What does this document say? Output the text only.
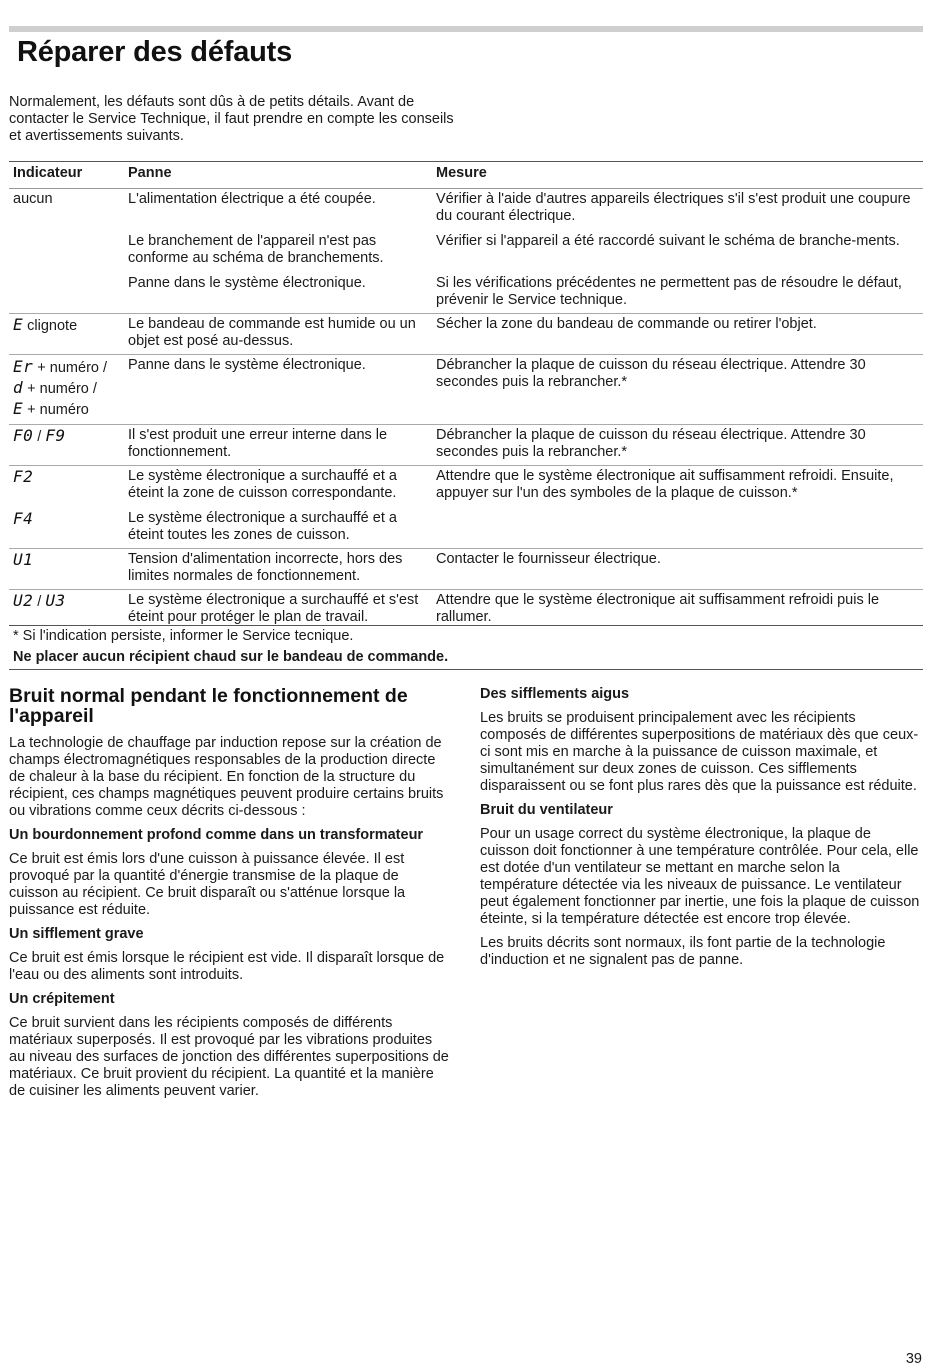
Réparer des défauts

Normalement, les défauts sont dûs à de petits détails. Avant de contacter le Service Technique, il faut prendre en compte les conseils et avertissements suivants.

Indicateur	Panne	Mesure
aucun	L'alimentation électrique a été coupée.	Vérifier à l'aide d'autres appareils électriques s'il s'est produit une coupure du courant électrique.
	Le branchement de l'appareil n'est pas conforme au schéma de branchements.	Vérifier si l'appareil a été raccordé suivant le schéma de branche-ments.
	Panne dans le système électronique.	Si les vérifications précédentes ne permettent pas de résoudre le défaut, prévenir le Service technique.
E clignote	Le bandeau de commande est humide ou un objet est posé au-dessus.	Sécher la zone du bandeau de commande ou retirer l'objet.
Er + numéro /
d + numéro /
E + numéro	Panne dans le système électronique.	Débrancher la plaque de cuisson du réseau électrique. Attendre 30 secondes puis la rebrancher.*
F0 / F9	Il s'est produit une erreur interne dans le fonctionnement.	Débrancher la plaque de cuisson du réseau électrique. Attendre 30 secondes puis la rebrancher.*
F2	Le système électronique a surchauffé et a éteint la zone de cuisson correspondante.	Attendre que le système électronique ait suffisamment refroidi. Ensuite, appuyer sur l'un des symboles de la plaque de cuisson.*
F4	Le système électronique a surchauffé et a éteint toutes les zones de cuisson.	
U1	Tension d'alimentation incorrecte, hors des limites normales de fonctionnement.	Contacter le fournisseur électrique.
U2 / U3	Le système électronique a surchauffé et s'est éteint pour protéger le plan de travail.	Attendre que le système électronique ait suffisamment refroidi puis le rallumer.
* Si l'indication persiste, informer le Service tecnique.
Ne placer aucun récipient chaud sur le bandeau de commande.
Bruit normal pendant le fonctionnement de l'appareil

La technologie de chauffage par induction repose sur la création de champs électromagnétiques responsables de la production directe de chaleur à la base du récipient. En fonction de la structure du récipient, ces champs magnétiques peuvent produire certains bruits ou vibrations comme ceux décrits ci-dessous :

Un bourdonnement profond comme dans un transformateur

Ce bruit est émis lors d'une cuisson à puissance élevée. Il est provoqué par la quantité d'énergie transmise de la plaque de cuisson au récipient. Ce bruit disparaît ou s'atténue lorsque la puissance est réduite.

Un sifflement grave

Ce bruit est émis lorsque le récipient est vide. Il disparaît lorsque de l'eau ou des aliments sont introduits.

Un crépitement

Ce bruit survient dans les récipients composés de différents matériaux superposés. Il est provoqué par les vibrations produites au niveau des surfaces de jonction des différentes superpositions de matériaux. Ce bruit provient du récipient. La quantité et la manière de cuisiner les aliments peuvent varier.

Des sifflements aigus

Les bruits se produisent principalement avec les récipients composés de différentes superpositions de matériaux dès que ceux-ci sont mis en marche à la puissance de cuisson maximale, et simultanément sur deux zones de cuisson. Ces sifflements disparaissent ou se font plus rares dès que la puissance est réduite.

Bruit du ventilateur

Pour un usage correct du système électronique, la plaque de cuisson doit fonctionner à une température contrôlée. Pour cela, elle est dotée d'un ventilateur se mettant en marche selon la température détectée via les niveaux de puissance. Le ventilateur peut également fonctionner par inertie, une fois la plaque de cuisson éteinte, si la température détectée est encore trop élevée.

Les bruits décrits sont normaux, ils font partie de la technologie d'induction et ne signalent pas de panne.

39
